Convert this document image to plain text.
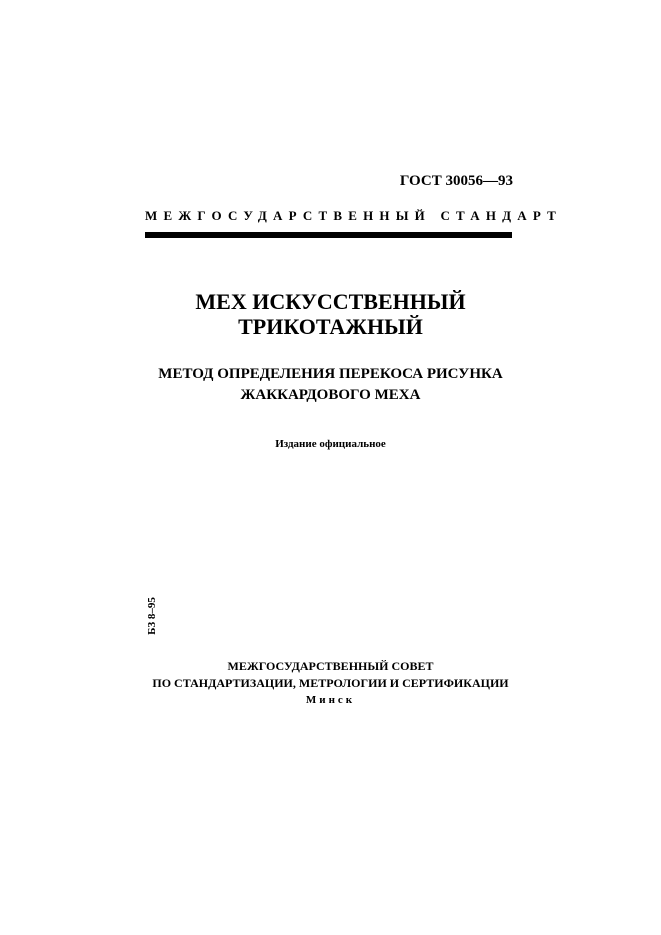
ГОСТ 30056—93
МЕЖГОСУДАРСТВЕННЫЙ СТАНДАРТ
МЕХ ИСКУССТВЕННЫЙ
ТРИКОТАЖНЫЙ
МЕТОД ОПРЕДЕЛЕНИЯ ПЕРЕКОСА РИСУНКА
ЖАККАРДОВОГО МЕХА
Издание официальное
БЗ 8–95
МЕЖГОСУДАРСТВЕННЫЙ СОВЕТ
ПО СТАНДАРТИЗАЦИИ, МЕТРОЛОГИИ И СЕРТИФИКАЦИИ
Минск
